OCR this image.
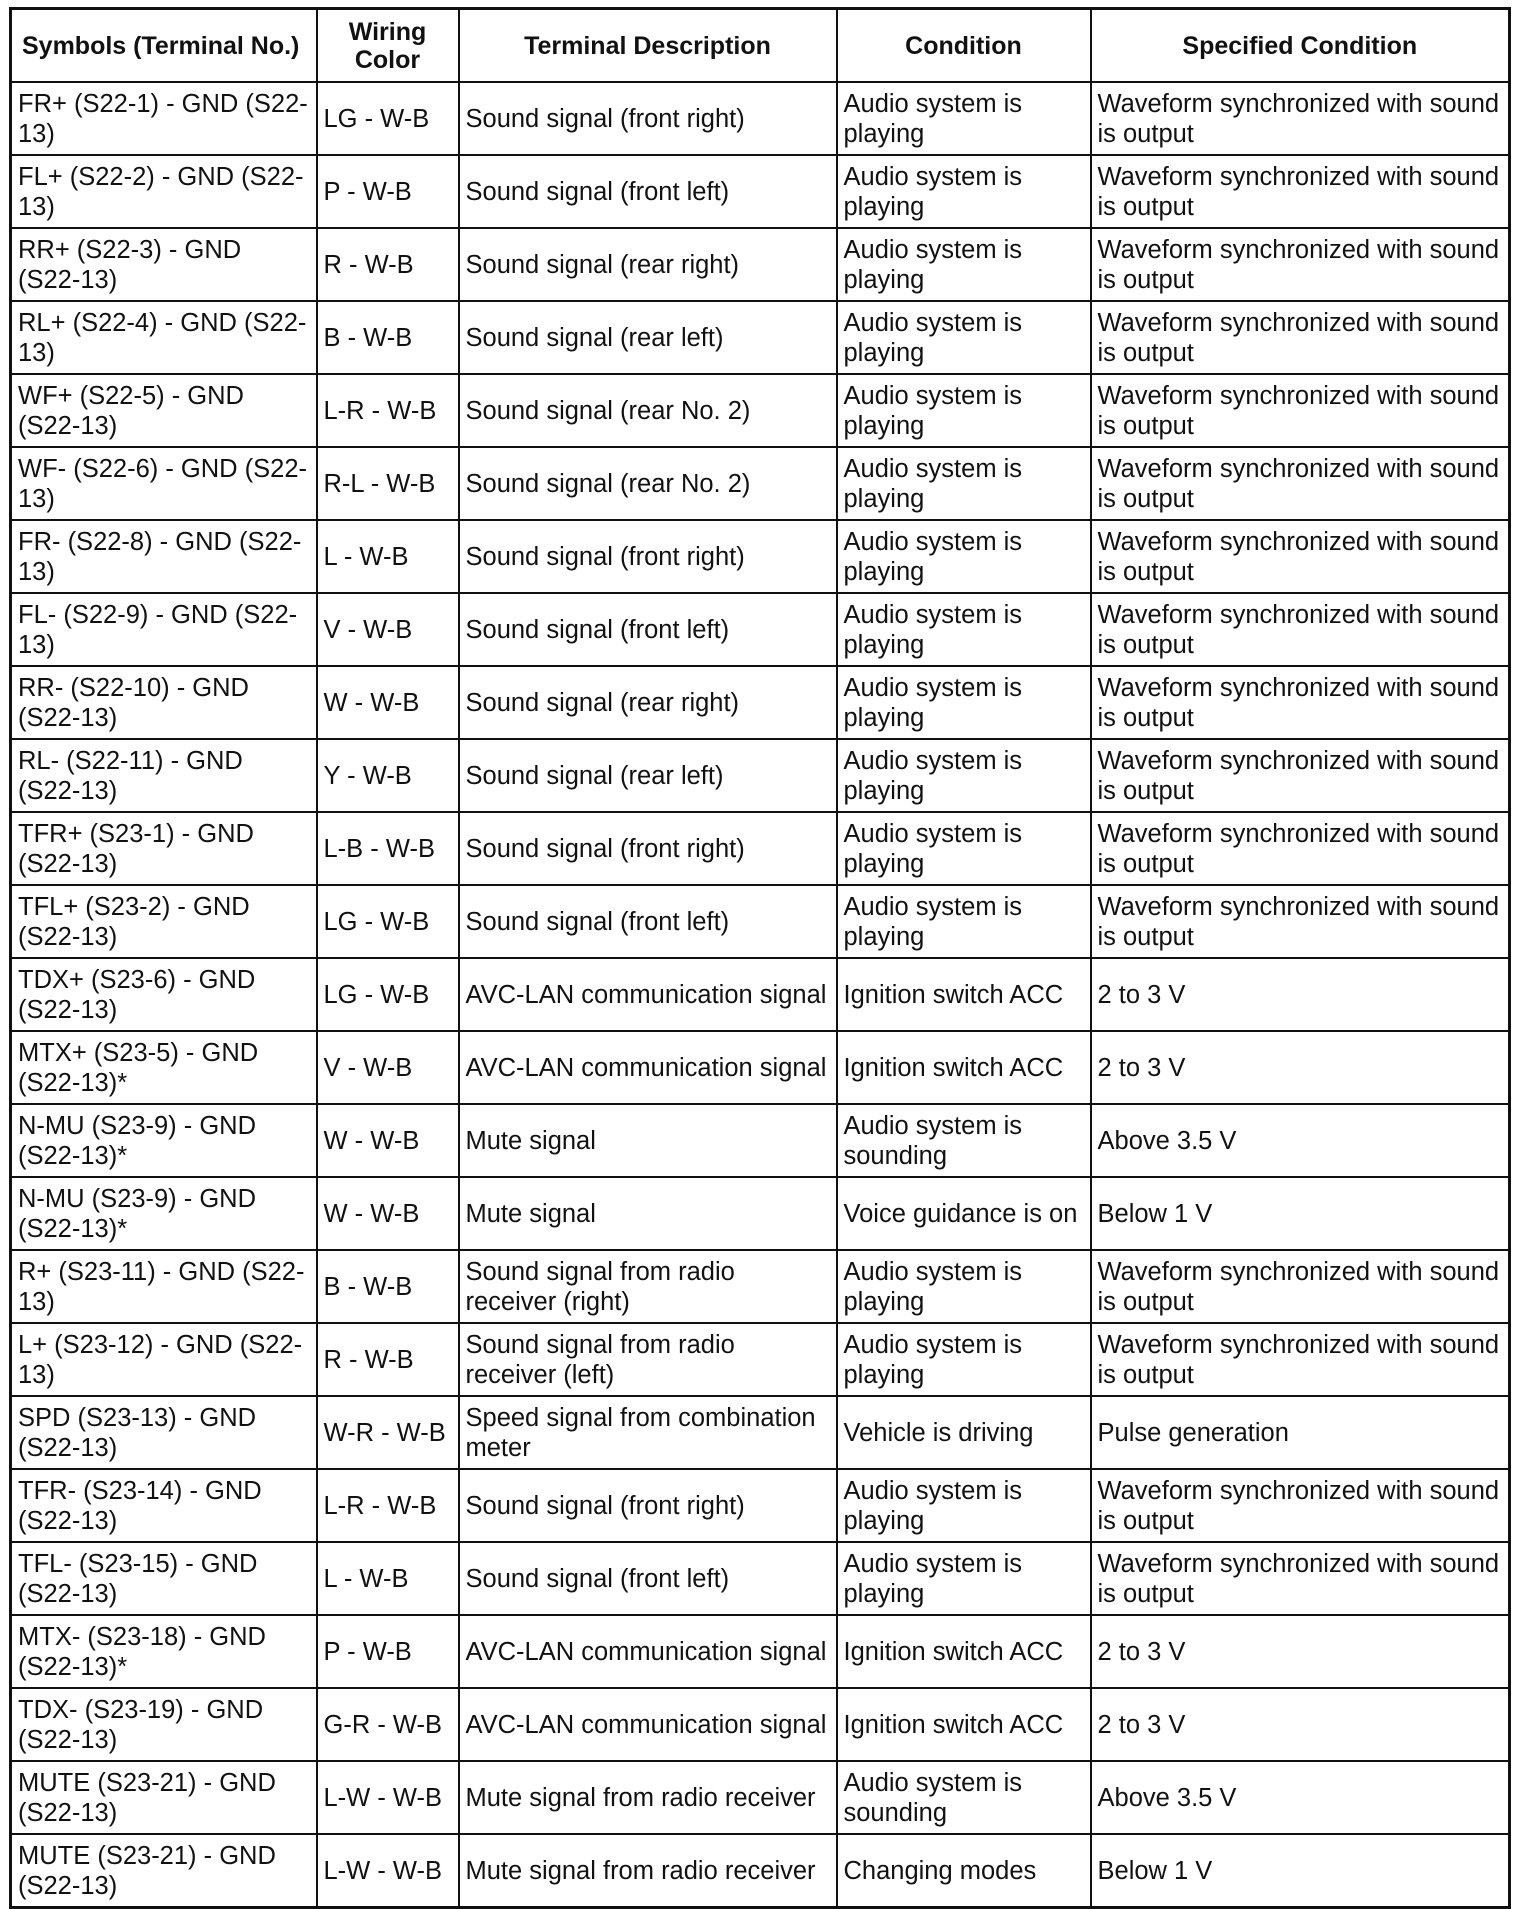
Symbols (Terminal No.)	Wiring Color	Terminal Description	Condition	Specified Condition
FR+ (S22-1) - GND (S22-13)	LG - W-B	Sound signal (front right)	Audio system is playing	Waveform synchronized with sound is output
FL+ (S22-2) - GND (S22-13)	P - W-B	Sound signal (front left)	Audio system is playing	Waveform synchronized with sound is output
RR+ (S22-3) - GND (S22-13)	R - W-B	Sound signal (rear right)	Audio system is playing	Waveform synchronized with sound is output
RL+ (S22-4) - GND (S22-13)	B - W-B	Sound signal (rear left)	Audio system is playing	Waveform synchronized with sound is output
WF+ (S22-5) - GND (S22-13)	L-R - W-B	Sound signal (rear No. 2)	Audio system is playing	Waveform synchronized with sound is output
WF- (S22-6) - GND (S22-13)	R-L - W-B	Sound signal (rear No. 2)	Audio system is playing	Waveform synchronized with sound is output
FR- (S22-8) - GND (S22-13)	L - W-B	Sound signal (front right)	Audio system is playing	Waveform synchronized with sound is output
FL- (S22-9) - GND (S22-13)	V - W-B	Sound signal (front left)	Audio system is playing	Waveform synchronized with sound is output
RR- (S22-10) - GND (S22-13)	W - W-B	Sound signal (rear right)	Audio system is playing	Waveform synchronized with sound is output
RL- (S22-11) - GND (S22-13)	Y - W-B	Sound signal (rear left)	Audio system is playing	Waveform synchronized with sound is output
TFR+ (S23-1) - GND (S22-13)	L-B - W-B	Sound signal (front right)	Audio system is playing	Waveform synchronized with sound is output
TFL+ (S23-2) - GND (S22-13)	LG - W-B	Sound signal (front left)	Audio system is playing	Waveform synchronized with sound is output
TDX+ (S23-6) - GND (S22-13)	LG - W-B	AVC-LAN communication signal	Ignition switch ACC	2 to 3 V
MTX+ (S23-5) - GND (S22-13)*	V - W-B	AVC-LAN communication signal	Ignition switch ACC	2 to 3 V
N-MU (S23-9) - GND (S22-13)*	W - W-B	Mute signal	Audio system is sounding	Above 3.5 V
N-MU (S23-9) - GND (S22-13)*	W - W-B	Mute signal	Voice guidance is on	Below 1 V
R+ (S23-11) - GND (S22-13)	B - W-B	Sound signal from radio receiver (right)	Audio system is playing	Waveform synchronized with sound is output
L+ (S23-12) - GND (S22-13)	R - W-B	Sound signal from radio receiver (left)	Audio system is playing	Waveform synchronized with sound is output
SPD (S23-13) - GND (S22-13)	W-R - W-B	Speed signal from combination meter	Vehicle is driving	Pulse generation
TFR- (S23-14) - GND (S22-13)	L-R - W-B	Sound signal (front right)	Audio system is playing	Waveform synchronized with sound is output
TFL- (S23-15) - GND (S22-13)	L - W-B	Sound signal (front left)	Audio system is playing	Waveform synchronized with sound is output
MTX- (S23-18) - GND (S22-13)*	P - W-B	AVC-LAN communication signal	Ignition switch ACC	2 to 3 V
TDX- (S23-19) - GND (S22-13)	G-R - W-B	AVC-LAN communication signal	Ignition switch ACC	2 to 3 V
MUTE (S23-21) - GND (S22-13)	L-W - W-B	Mute signal from radio receiver	Audio system is sounding	Above 3.5 V
MUTE (S23-21) - GND (S22-13)	L-W - W-B	Mute signal from radio receiver	Changing modes	Below 1 V
